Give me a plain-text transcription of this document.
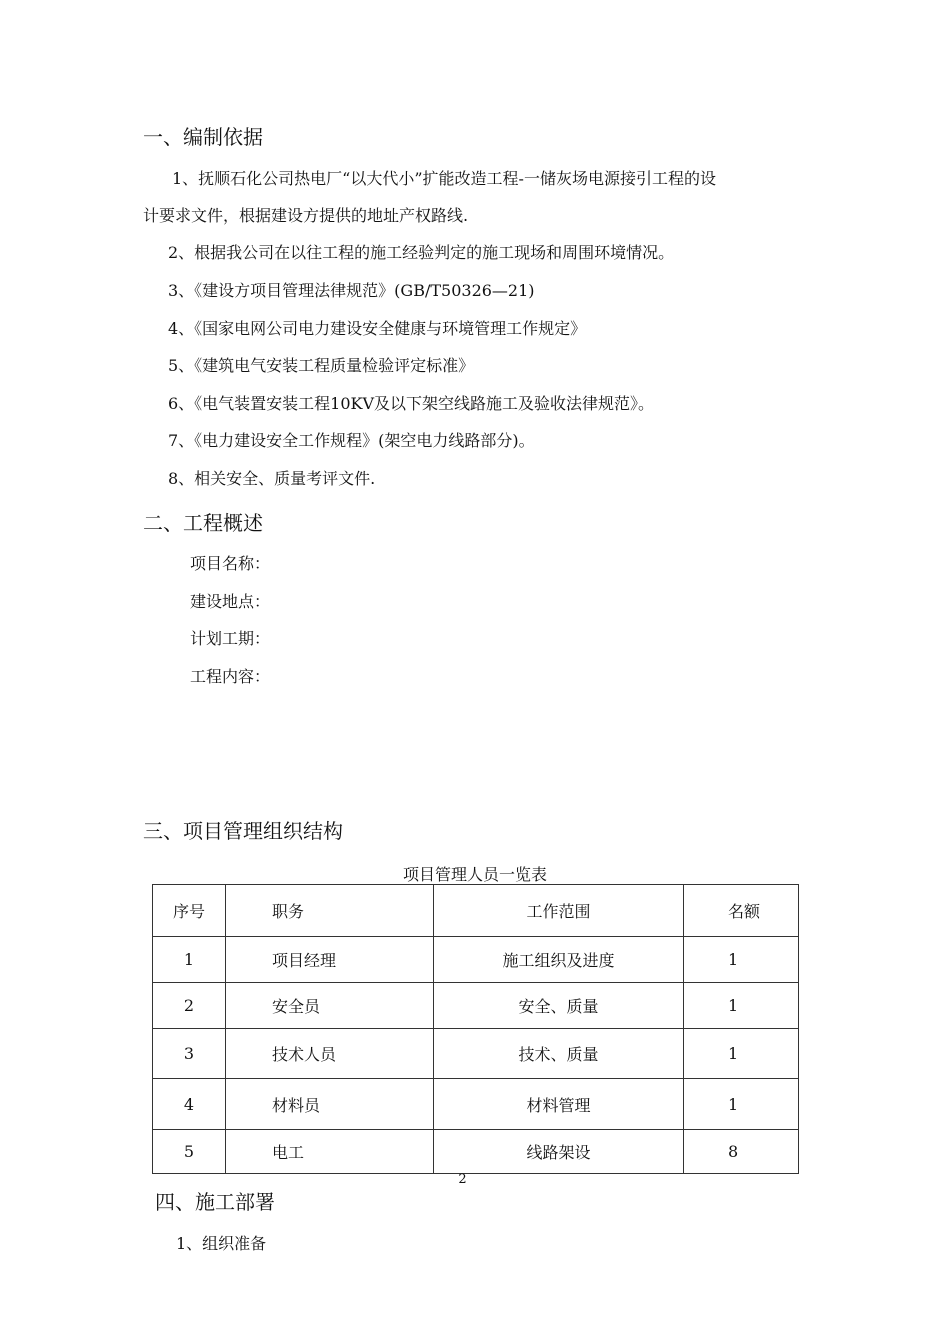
一、编制依据
1、抚顺石化公司热电厂“以大代小”扩能改造工程-一储灰场电源接引工程的设
计要求文件，根据建设方提供的地址产权路线.
2、根据我公司在以往工程的施工经验判定的施工现场和周围环境情况。
3、《建设方项目管理法律规范》(GB/T50326—21)
4、《国家电网公司电力建设安全健康与环境管理工作规定》
5、《建筑电气安装工程质量检验评定标准》
6、《电气装置安装工程10KV及以下架空线路施工及验收法律规范》。
7、《电力建设安全工作规程》(架空电力线路部分)。
8、相关安全、质量考评文件.
二、工程概述
项目名称：
建设地点：
计划工期：
工程内容：
三、项目管理组织结构
项目管理人员一览表
序号	职务	工作范围	名额
1	项目经理	施工组织及进度	1
2	安全员	安全、质量	1
3	技术人员	技术、质量	1
4	材料员	材料管理	1
5	电工	线路架设	8
2
四、施工部署
1、组织准备
